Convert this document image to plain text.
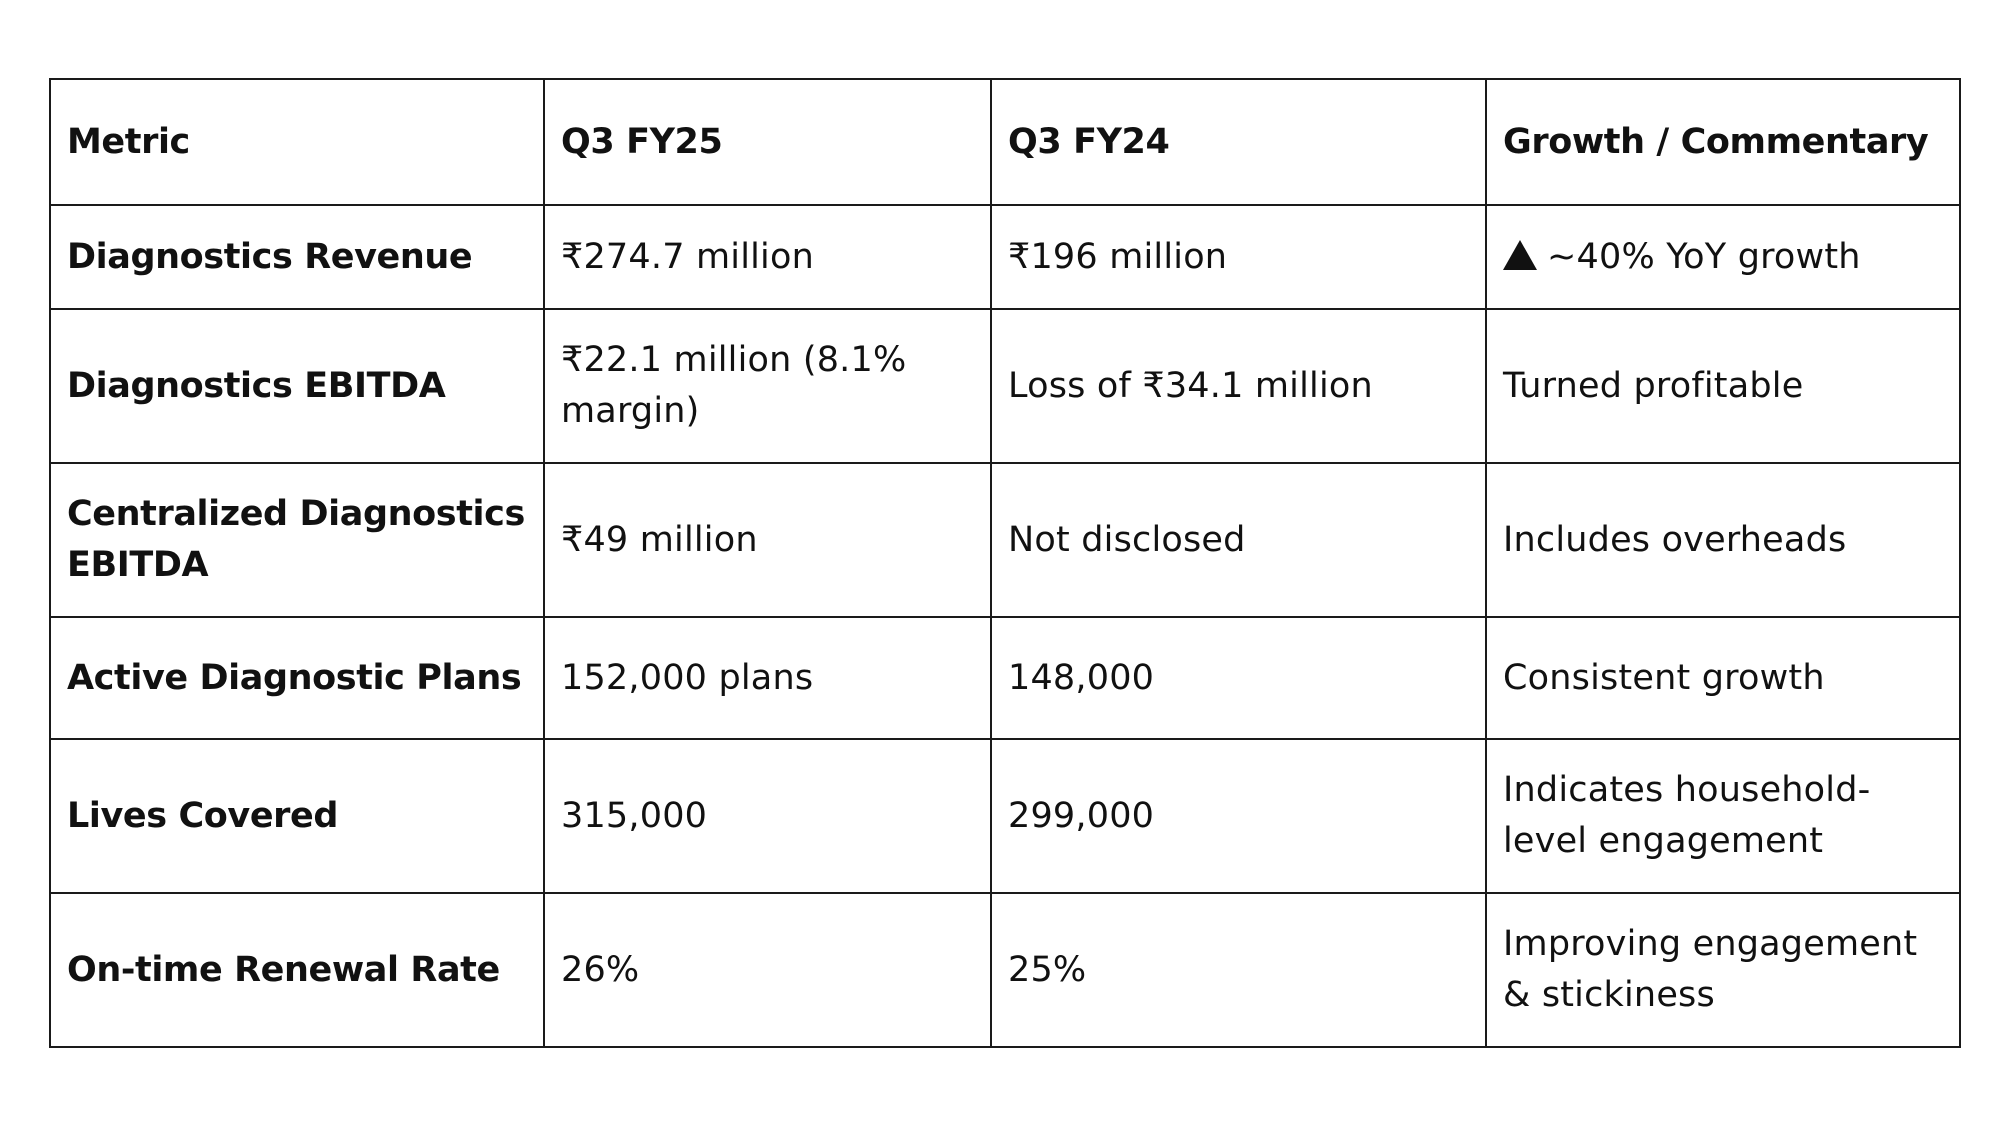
Metric	Q3 FY25	Q3 FY24	Growth / Commentary
Diagnostics Revenue	₹274.7 million	₹196 million	~40% YoY growth
Diagnostics EBITDA	₹22.1 million (8.1% margin)	Loss of ₹34.1 million	Turned profitable
Centralized Diagnostics EBITDA	₹49 million	Not disclosed	Includes overheads
Active Diagnostic Plans	152,000 plans	148,000	Consistent growth
Lives Covered	315,000	299,000	Indicates household-level engagement
On-time Renewal Rate	26%	25%	Improving engagement & stickiness
